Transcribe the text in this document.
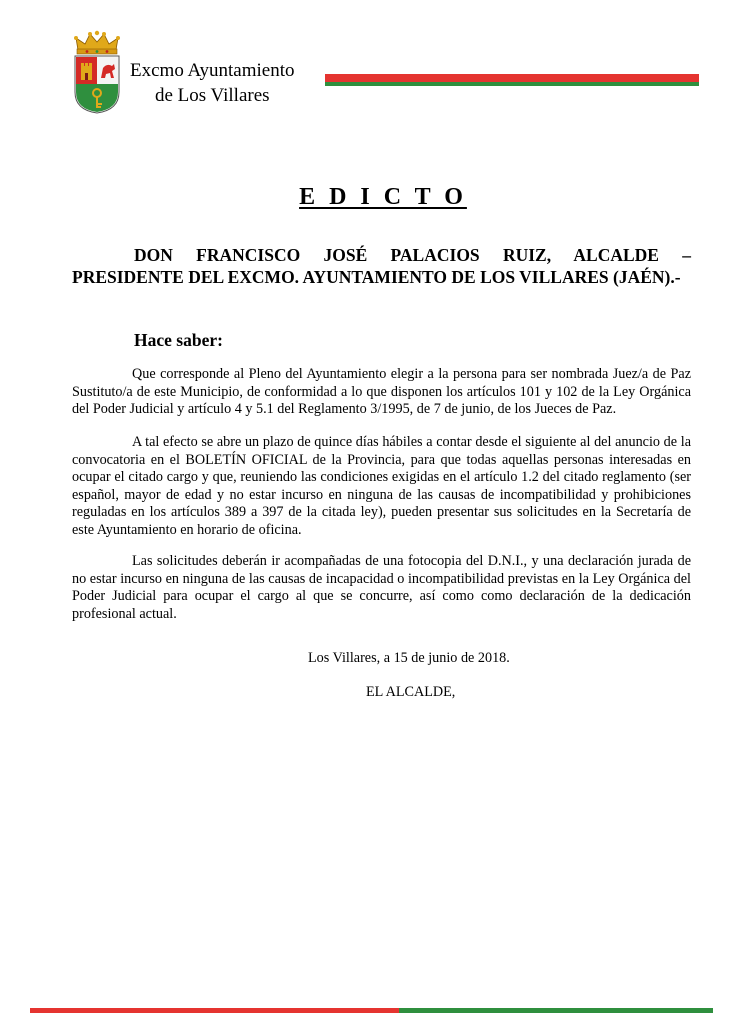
Excmo Ayuntamiento
de Los Villares
E D I C T O
DON FRANCISCO JOSÉ PALACIOS RUIZ, ALCALDE – PRESIDENTE DEL EXCMO. AYUNTAMIENTO DE LOS VILLARES (JAÉN).-
Hace saber:

Que corresponde al Pleno del Ayuntamiento elegir a la persona para ser nombrada Juez/a de Paz Sustituto/a de este Municipio, de conformidad a lo que disponen los artículos 101 y 102 de la Ley Orgánica del Poder Judicial y artículo 4 y 5.1 del Reglamento 3/1995, de 7 de junio, de los Jueces de Paz.

A tal efecto se abre un plazo de quince días hábiles a contar desde el siguiente al del anuncio de la convocatoria en el BOLETÍN OFICIAL de la Provincia, para que todas aquellas personas interesadas en ocupar el citado cargo y que, reuniendo las condiciones exigidas en el artículo 1.2 del citado reglamento (ser español, mayor de edad y no estar incurso en ninguna de las causas de incompatibilidad y prohibiciones reguladas en los artículos 389 a 397 de la citada ley), pueden presentar sus solicitudes en la Secretaría de este Ayuntamiento en horario de oficina.

Las solicitudes deberán ir acompañadas de una fotocopia del D.N.I., y una declaración jurada de no estar incurso en ninguna de las causas de incapacidad o incompatibilidad previstas en la Ley Orgánica del Poder Judicial para ocupar el cargo al que se concurre, así como como declaración de la dedicación profesional actual.

Los Villares, a 15 de junio de 2018.
EL ALCALDE,
